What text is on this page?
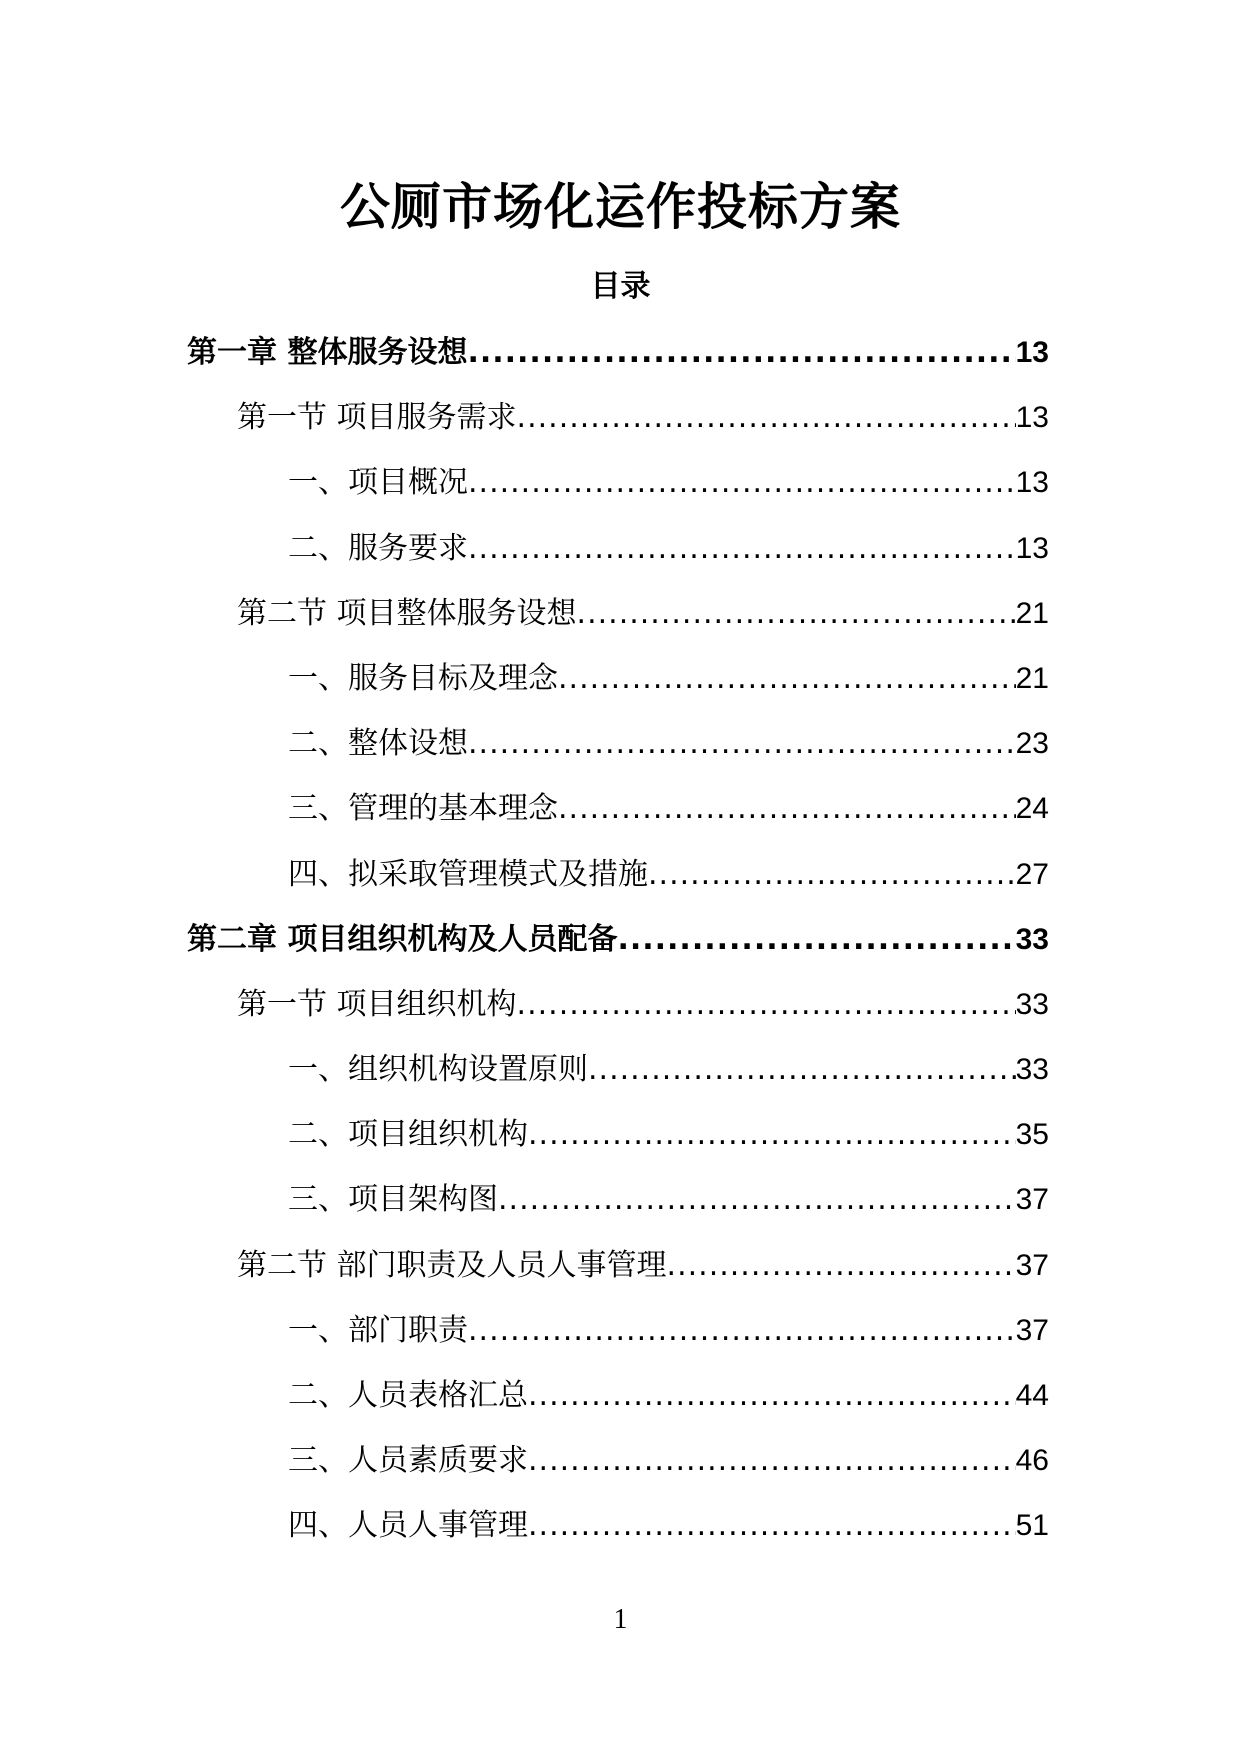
公厕市场化运作投标方案
目录
第一章 整体服务设想 .....	13
第一节 项目服务需求 .....	13
一、项目概况 .....	13
二、服务要求 .....	13
第二节 项目整体服务设想 .....	21
一、服务目标及理念 .....	21
二、整体设想 .....	23
三、管理的基本理念 .....	24
四、拟采取管理模式及措施 .....	27
第二章 项目组织机构及人员配备 .....	33
第一节 项目组织机构 .....	33
一、组织机构设置原则 .....	33
二、项目组织机构 .....	35
三、项目架构图 .....	37
第二节 部门职责及人员人事管理 .....	37
一、部门职责 .....	37
二、人员表格汇总 .....	44
三、人员素质要求 .....	46
四、人员人事管理 .....	51
1
